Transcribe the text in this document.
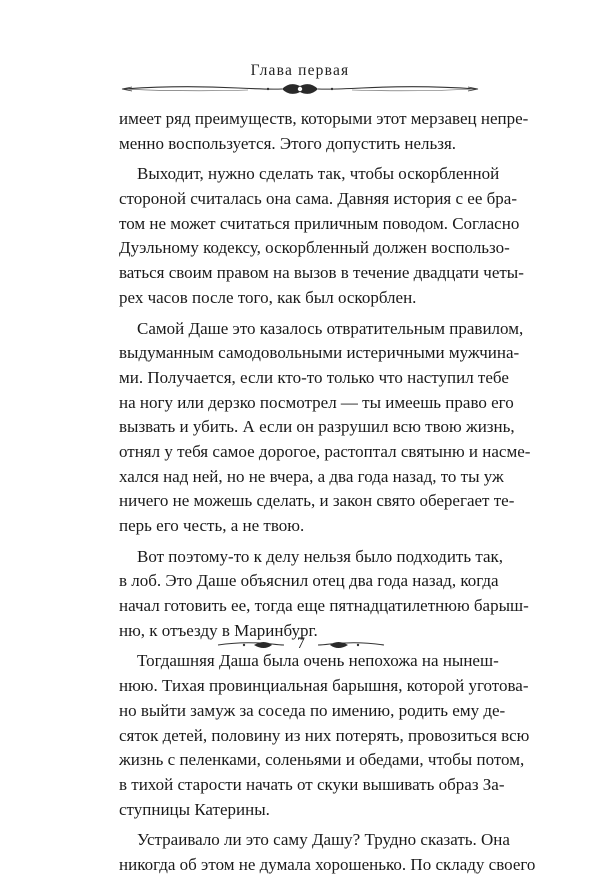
Глава первая
имеет ряд преимуществ, которыми этот мерзавец непре-
менно воспользуется. Этого допустить нельзя.
Выходит, нужно сделать так, чтобы оскорбленной
стороной считалась она сама. Давняя история с ее бра-
том не может считаться приличным поводом. Согласно
Дуэльному кодексу, оскорбленный должен воспользо-
ваться своим правом на вызов в течение двадцати четы-
рех часов после того, как был оскорблен.
Самой Даше это казалось отвратительным правилом,
выдуманным самодовольными истеричными мужчина-
ми. Получается, если кто-то только что наступил тебе
на ногу или дерзко посмотрел — ты имеешь право его
вызвать и убить. А если он разрушил всю твою жизнь,
отнял у тебя самое дорогое, растоптал святыню и насме-
хался над ней, но не вчера, а два года назад, то ты уж
ничего не можешь сделать, и закон свято оберегает те-
перь его честь, а не твою.
Вот поэтому-то к делу нельзя было подходить так,
в лоб. Это Даше объяснил отец два года назад, когда
начал готовить ее, тогда еще пятнадцатилетнюю барыш-
ню, к отъезду в Маринбург.
Тогдашняя Даша была очень непохожа на нынеш-
нюю. Тихая провинциальная барышня, которой уготова-
но выйти замуж за соседа по имению, родить ему де-
сяток детей, половину из них потерять, провозиться всю
жизнь с пеленками, соленьями и обедами, чтобы потом,
в тихой старости начать от скуки вышивать образ За-
ступницы Катерины.
Устраивало ли это саму Дашу? Трудно сказать. Она
никогда об этом не думала хорошенько. По складу своего
7
